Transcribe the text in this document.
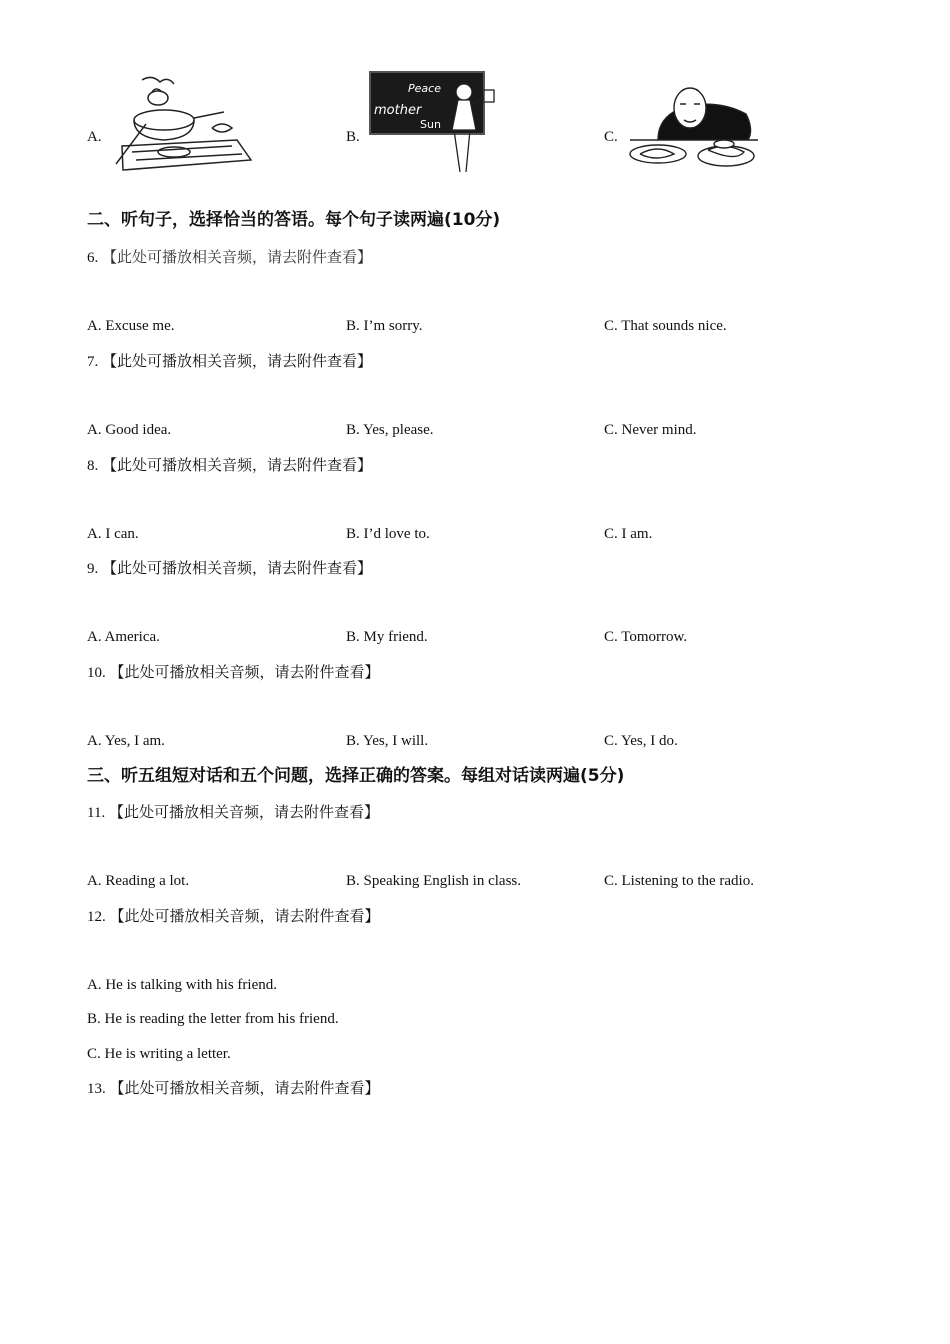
A.	B.
Peace
mother
Sun
C.
二、听句子，选择恰当的答语。每个句子读两遍(10分)
6. 【此处可播放相关音频，请去附件查看】
A. Excuse me.	B. I’m sorry.	C. That sounds nice.
7. 【此处可播放相关音频，请去附件查看】
A. Good idea.	B. Yes, please.	C. Never mind.
8. 【此处可播放相关音频，请去附件查看】
A. I can.	B. I’d love to.	C. I am.
9. 【此处可播放相关音频，请去附件查看】
A. America.	B. My friend.	C. Tomorrow.
10. 【此处可播放相关音频，请去附件查看】
A. Yes, I am.	B. Yes, I will.	C. Yes, I do.
三、听五组短对话和五个问题，选择正确的答案。每组对话读两遍(5分)
11. 【此处可播放相关音频，请去附件查看】
A. Reading a lot.	B. Speaking English in class.	C. Listening to the radio.
12. 【此处可播放相关音频，请去附件查看】
A. He is talking with his friend.
B. He is reading the letter from his friend.
C. He is writing a letter.
13. 【此处可播放相关音频，请去附件查看】
